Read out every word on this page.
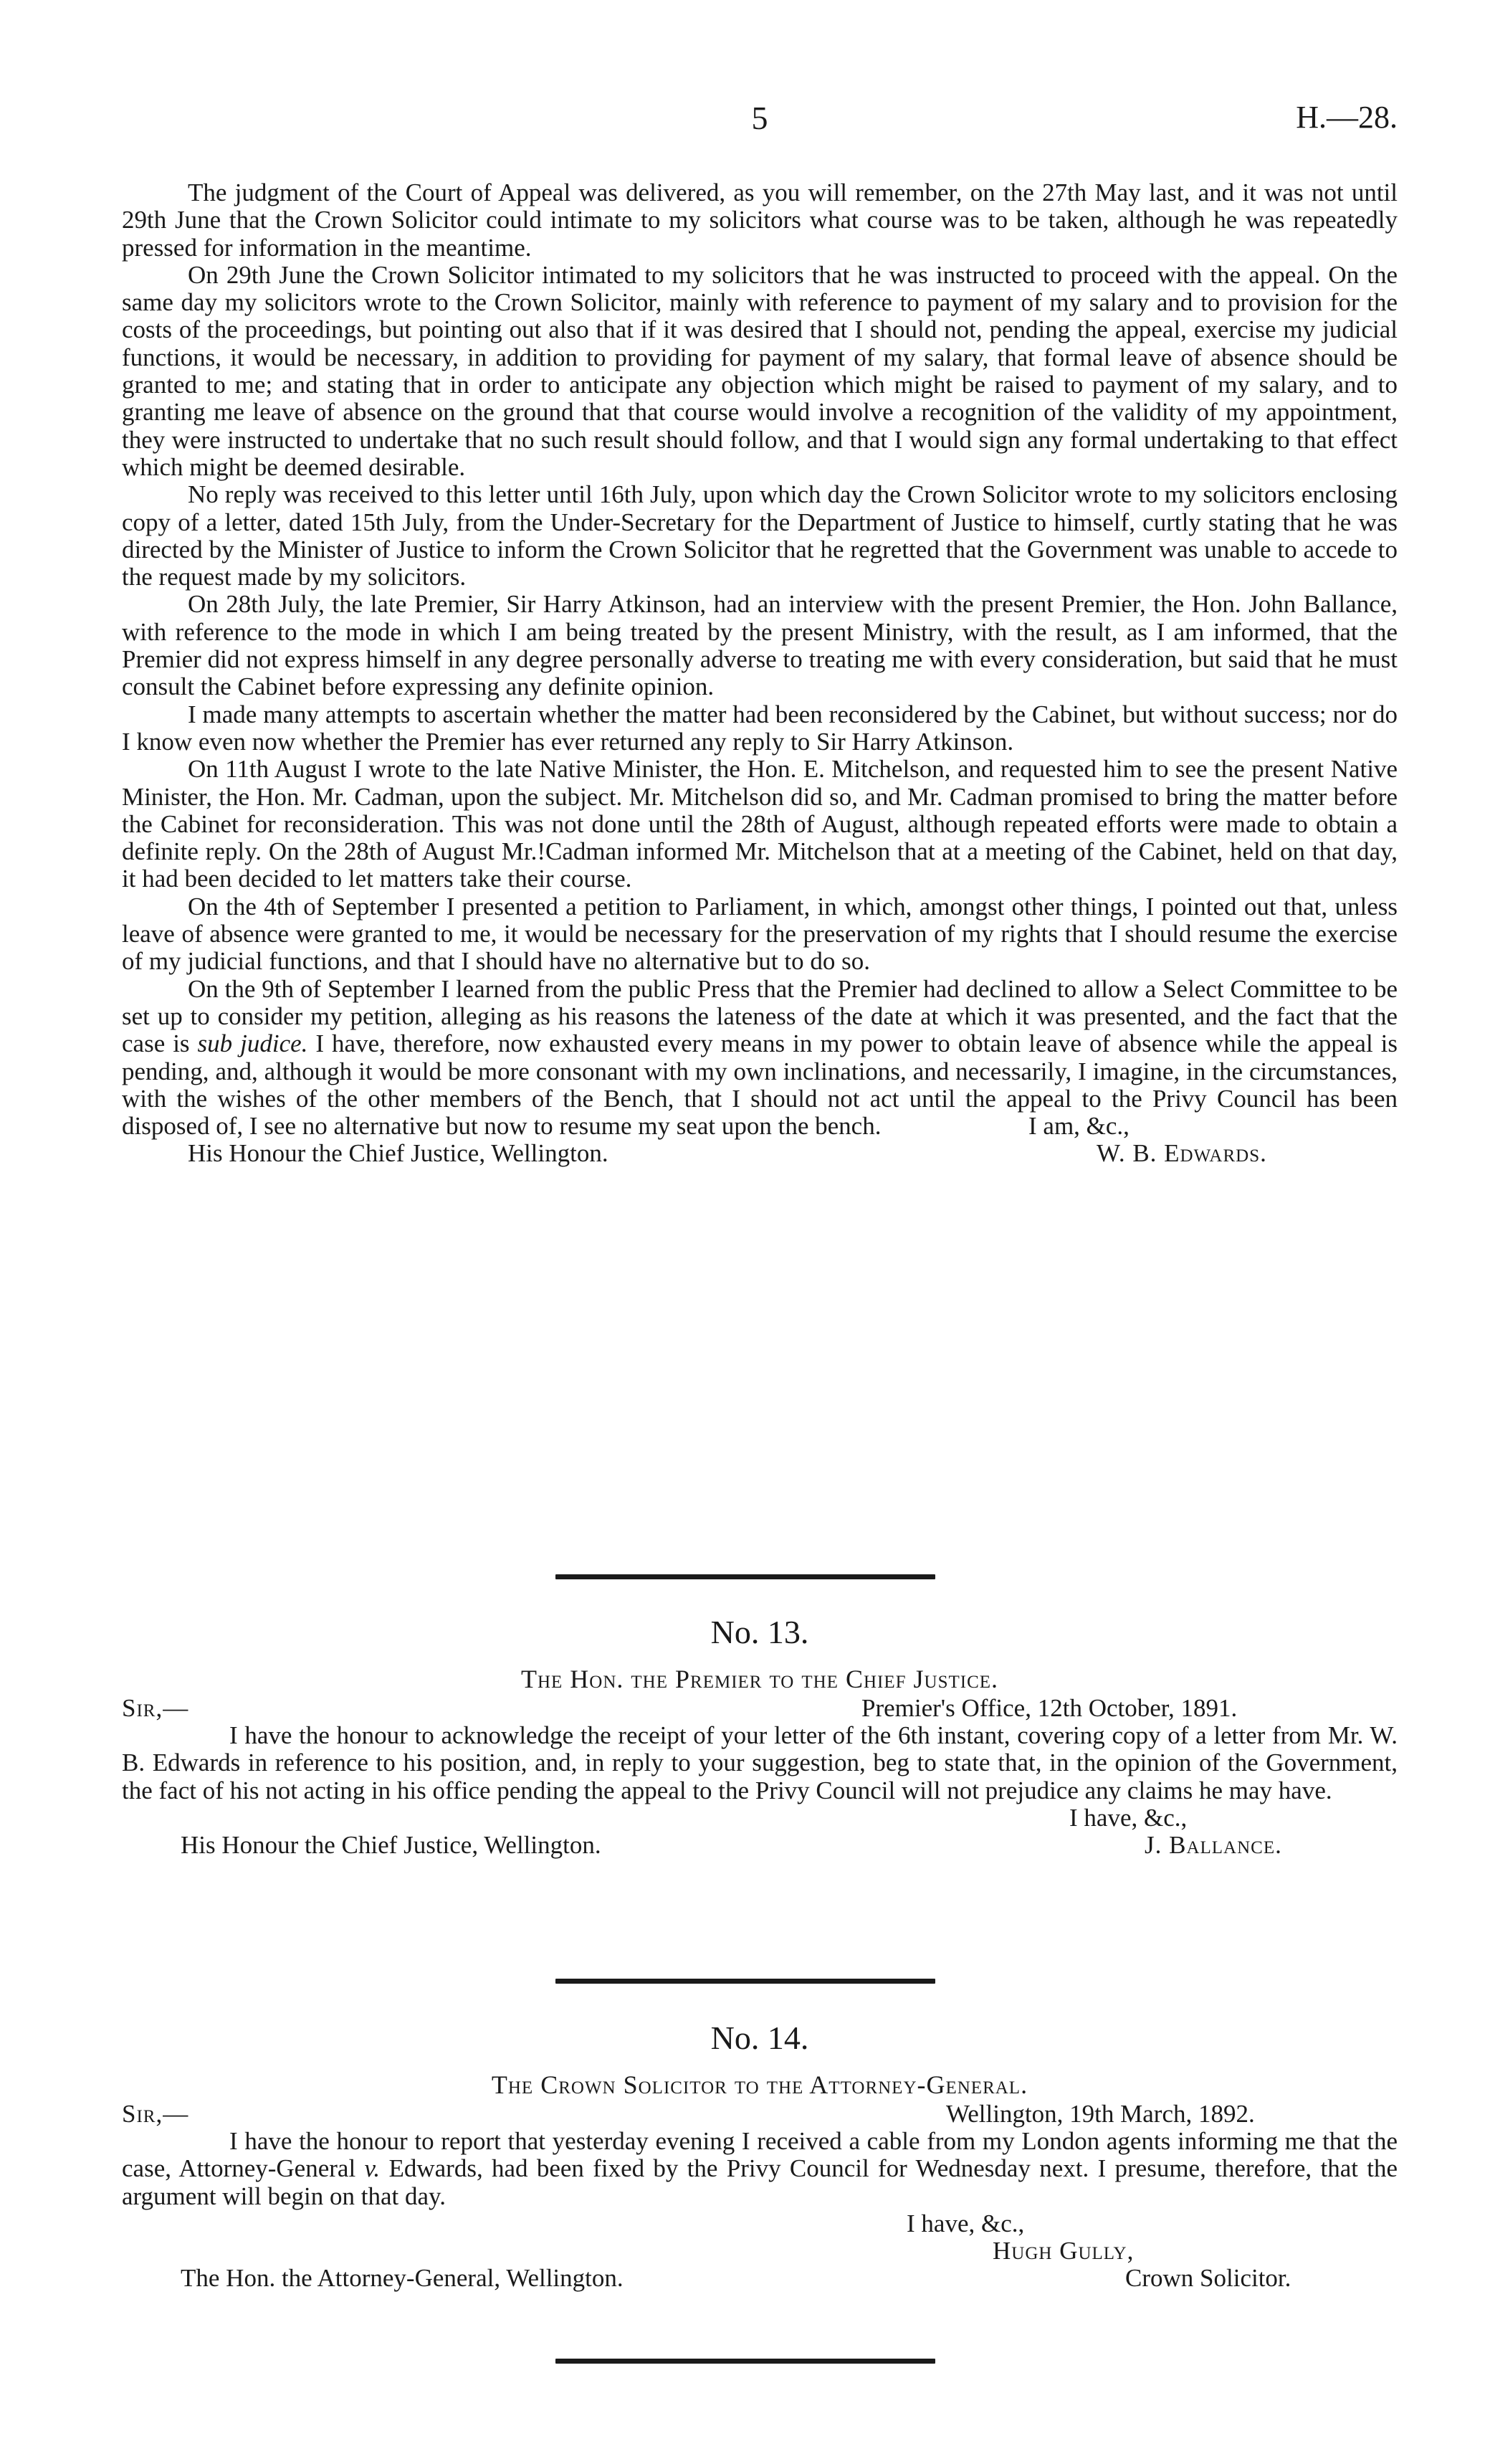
5	H.—28.

The judgment of the Court of Appeal was delivered, as you will remember, on the 27th May last, and it was not until 29th June that the Crown Solicitor could intimate to my solicitors what course was to be taken, although he was repeatedly pressed for information in the meantime.

On 29th June the Crown Solicitor intimated to my solicitors that he was instructed to proceed with the appeal. On the same day my solicitors wrote to the Crown Solicitor, mainly with reference to payment of my salary and to provision for the costs of the proceedings, but pointing out also that if it was desired that I should not, pending the appeal, exercise my judicial functions, it would be necessary, in addition to providing for payment of my salary, that formal leave of absence should be granted to me; and stating that in order to anticipate any objection which might be raised to payment of my salary, and to granting me leave of absence on the ground that that course would involve a recognition of the validity of my appointment, they were instructed to undertake that no such result should follow, and that I would sign any formal undertaking to that effect which might be deemed desirable.

No reply was received to this letter until 16th July, upon which day the Crown Solicitor wrote to my solicitors enclosing copy of a letter, dated 15th July, from the Under-Secretary for the Department of Justice to himself, curtly stating that he was directed by the Minister of Justice to inform the Crown Solicitor that he regretted that the Government was unable to accede to the request made by my solicitors.

On 28th July, the late Premier, Sir Harry Atkinson, had an interview with the present Premier, the Hon. John Ballance, with reference to the mode in which I am being treated by the present Ministry, with the result, as I am informed, that the Premier did not express himself in any degree personally adverse to treating me with every consideration, but said that he must consult the Cabinet before expressing any definite opinion.

I made many attempts to ascertain whether the matter had been reconsidered by the Cabinet, but without success; nor do I know even now whether the Premier has ever returned any reply to Sir Harry Atkinson.

On 11th August I wrote to the late Native Minister, the Hon. E. Mitchelson, and requested him to see the present Native Minister, the Hon. Mr. Cadman, upon the subject. Mr. Mitchelson did so, and Mr. Cadman promised to bring the matter before the Cabinet for reconsideration. This was not done until the 28th of August, although repeated efforts were made to obtain a definite reply. On the 28th of August Mr.!Cadman informed Mr. Mitchelson that at a meeting of the Cabinet, held on that day, it had been decided to let matters take their course.

On the 4th of September I presented a petition to Parliament, in which, amongst other things, I pointed out that, unless leave of absence were granted to me, it would be necessary for the preservation of my rights that I should resume the exercise of my judicial functions, and that I should have no alternative but to do so.

On the 9th of September I learned from the public Press that the Premier had declined to allow a Select Committee to be set up to consider my petition, alleging as his reasons the lateness of the date at which it was presented, and the fact that the case is sub judice. I have, therefore, now exhausted every means in my power to obtain leave of absence while the appeal is pending, and, although it would be more consonant with my own inclinations, and necessarily, I imagine, in the circumstances, with the wishes of the other members of the Bench, that I should not act until the appeal to the Privy Council has been disposed of, I see no alternative but now to resume my seat upon the bench.	I am, &c.,
His Honour the Chief Justice, Wellington.	W. B. Edwards.
No. 13.
The Hon. the Premier to the Chief Justice.
Sir,—	Premier's Office, 12th October, 1891.

I have the honour to acknowledge the receipt of your letter of the 6th instant, covering copy of a letter from Mr. W. B. Edwards in reference to his position, and, in reply to your suggestion, beg to state that, in the opinion of the Government, the fact of his not acting in his office pending the appeal to the Privy Council will not prejudice any claims he may have.

I have, &c.,
His Honour the Chief Justice, Wellington.	J. Ballance.
No. 14.
The Crown Solicitor to the Attorney-General.
Sir,—	Wellington, 19th March, 1892.

I have the honour to report that yesterday evening I received a cable from my London agents informing me that the case, Attorney-General v. Edwards, had been fixed by the Privy Council for Wednesday next. I presume, therefore, that the argument will begin on that day.

I have, &c.,
Hugh Gully,
The Hon. the Attorney-General, Wellington.	Crown Solicitor.
